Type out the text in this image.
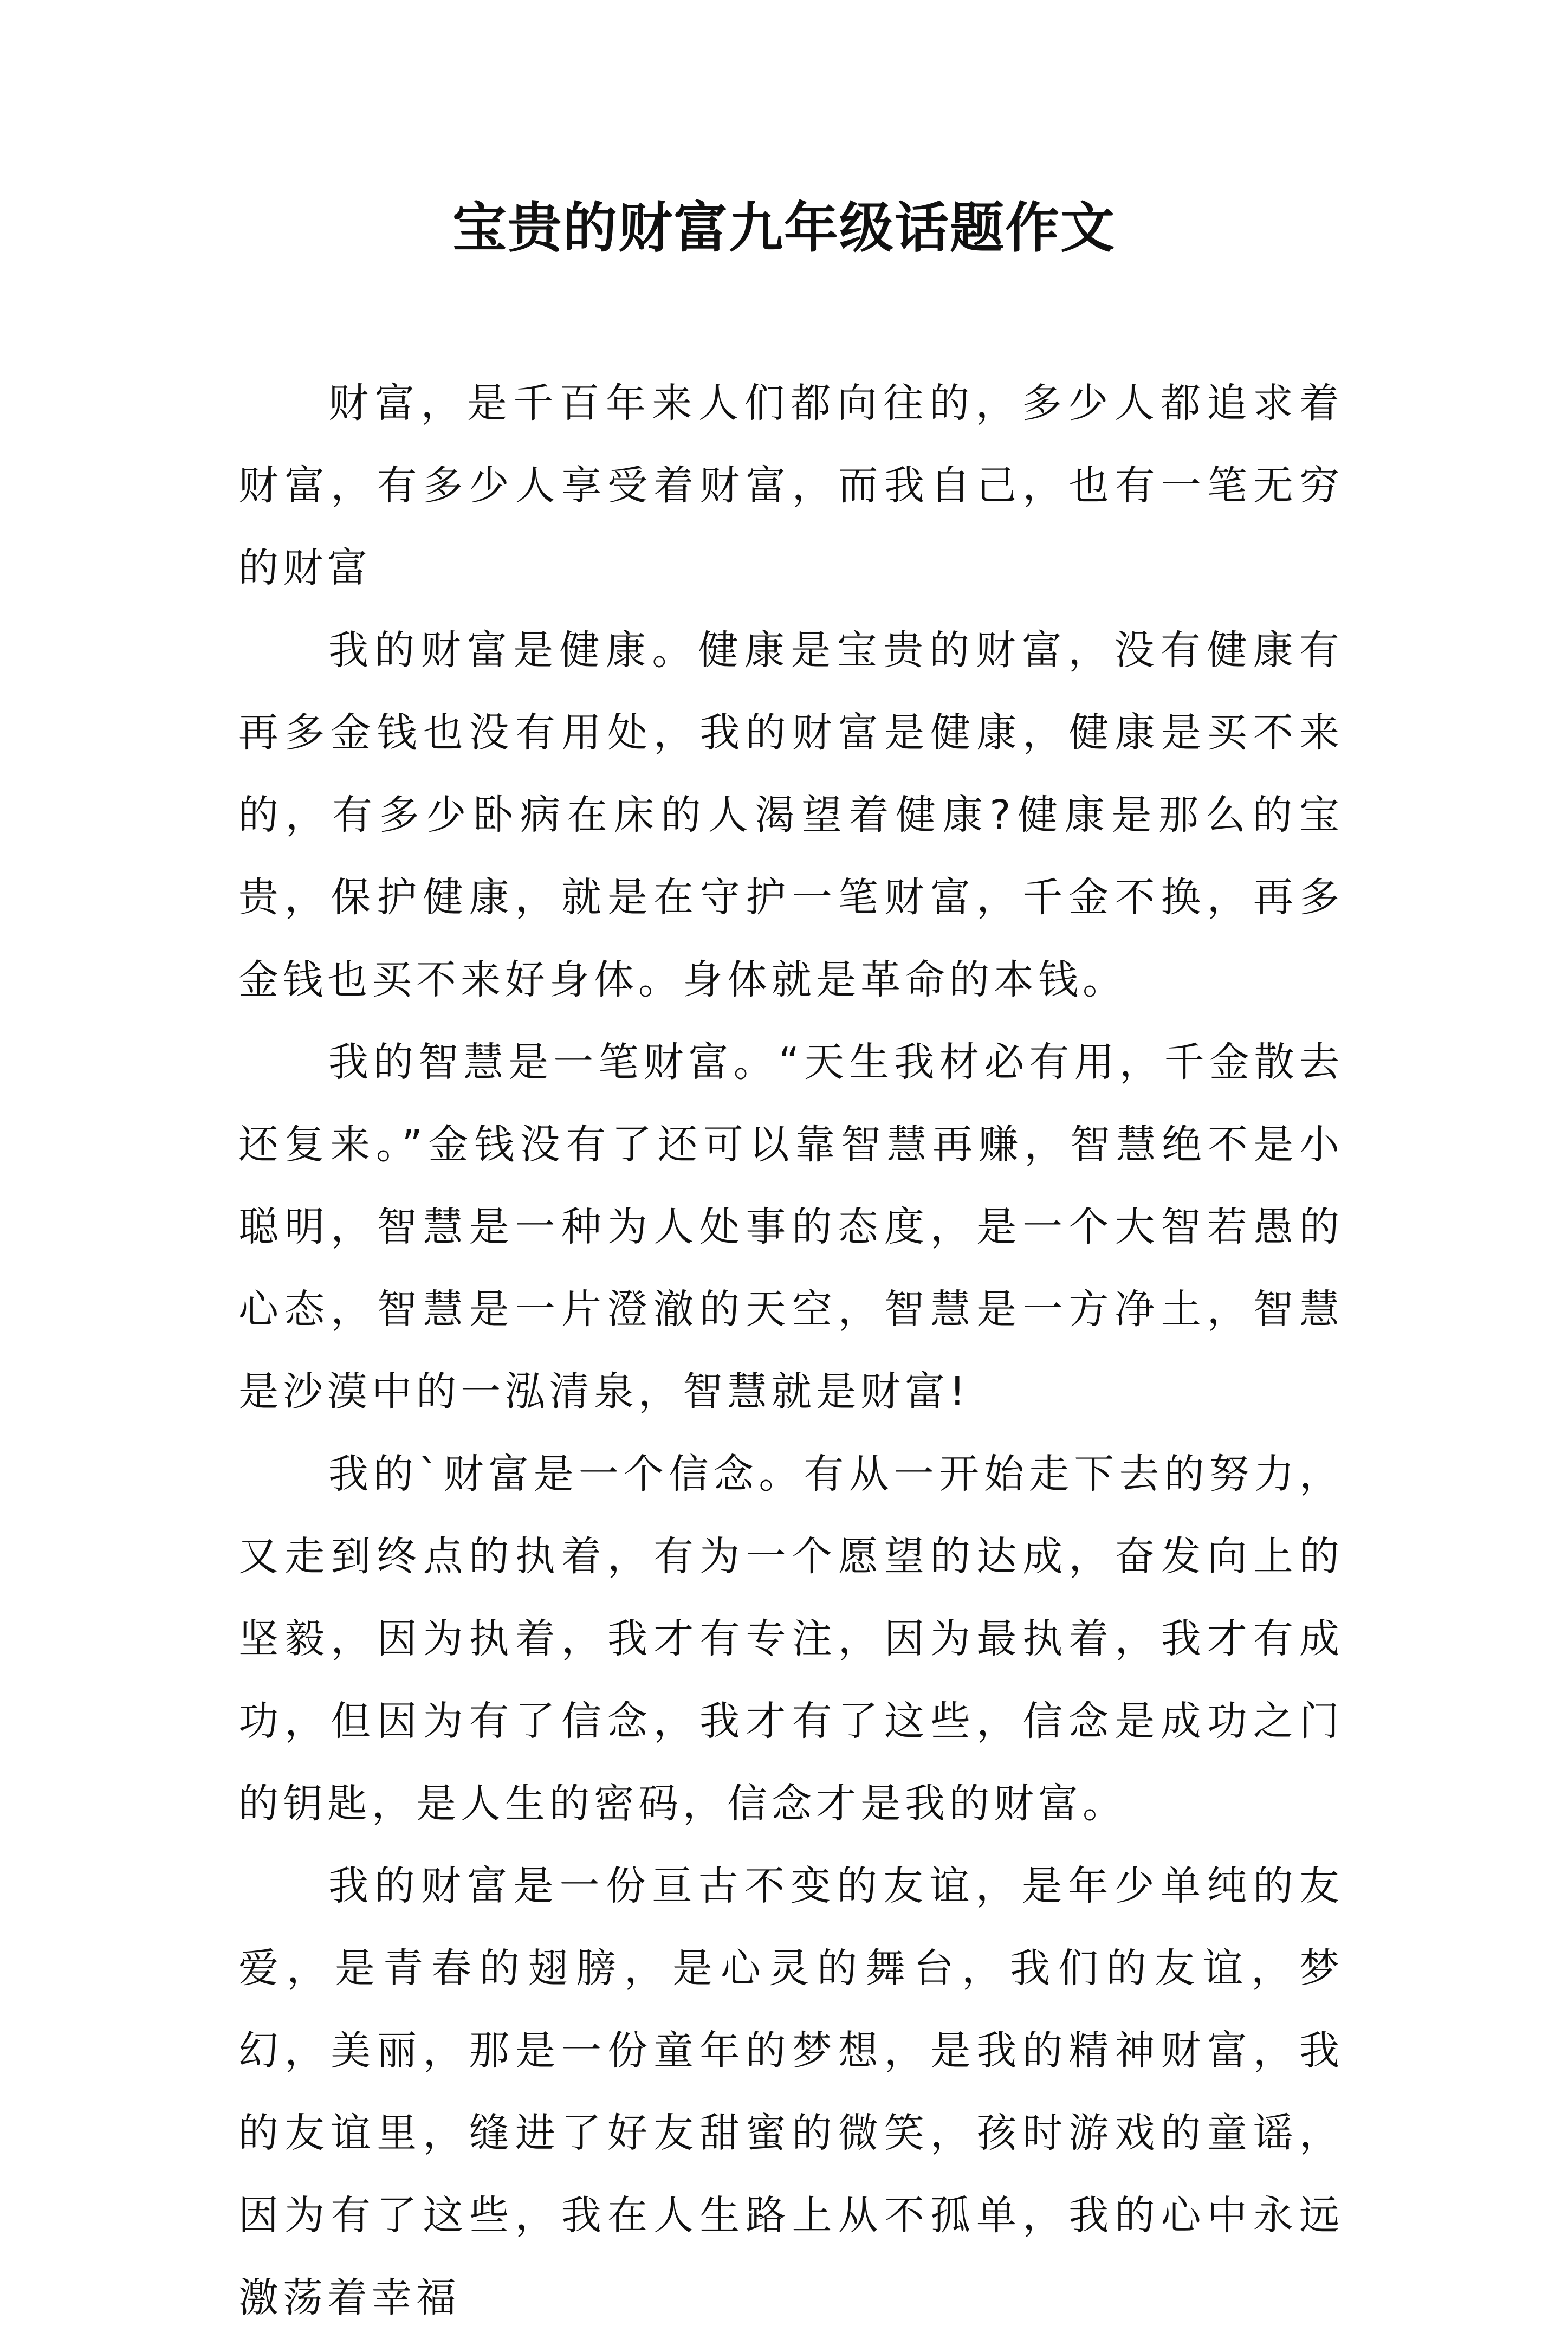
宝贵的财富九年级话题作文

财富，是千百年来人们都向往的，多少人都追求着财富，有多少人享受着财富，而我自己，也有一笔无穷的财富

我的财富是健康。健康是宝贵的财富，没有健康有再多金钱也没有用处，我的财富是健康，健康是买不来的，有多少卧病在床的人渴望着健康?健康是那么的宝贵，保护健康，就是在守护一笔财富，千金不换，再多金钱也买不来好身体。身体就是革命的本钱。

我的智慧是一笔财富。“天生我材必有用，千金散去还复来。”金钱没有了还可以靠智慧再赚，智慧绝不是小聪明，智慧是一种为人处事的态度，是一个大智若愚的心态，智慧是一片澄澈的天空，智慧是一方净土，智慧是沙漠中的一泓清泉，智慧就是财富!

我的`财富是一个信念。有从一开始走下去的努力，又走到终点的执着，有为一个愿望的达成，奋发向上的坚毅，因为执着，我才有专注，因为最执着，我才有成功，但因为有了信念，我才有了这些，信念是成功之门的钥匙，是人生的密码，信念才是我的财富。

我的财富是一份亘古不变的友谊，是年少单纯的友爱，是青春的翅膀，是心灵的舞台，我们的友谊，梦幻，美丽，那是一份童年的梦想，是我的精神财富，我的友谊里，缝进了好友甜蜜的微笑，孩时游戏的童谣，因为有了这些，我在人生路上从不孤单，我的心中永远激荡着幸福
